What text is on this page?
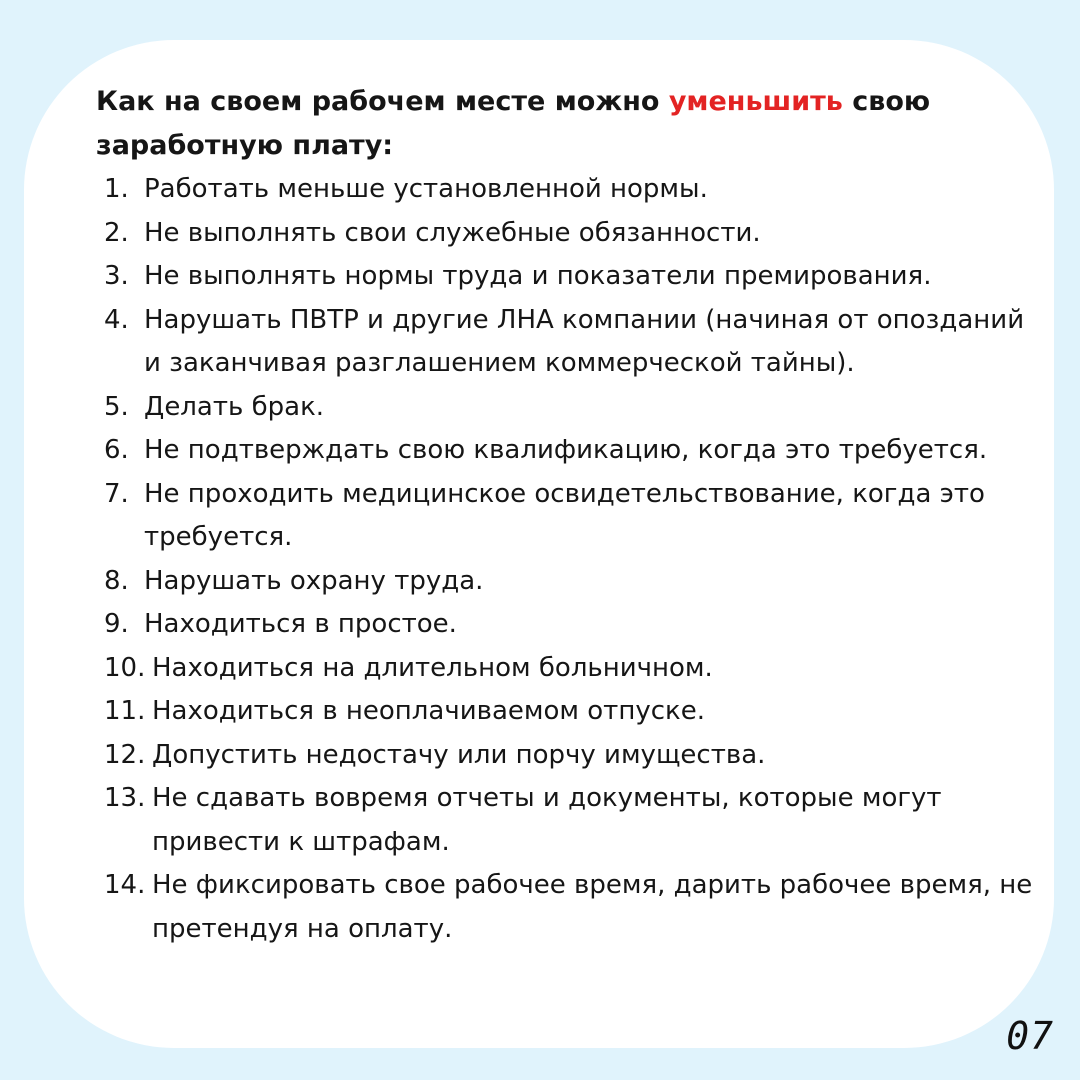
Как на своем рабочем месте можно уменьшить свою заработную плату:

1. Работать меньше установленной нормы.
2. Не выполнять свои служебные обязанности.
3. Не выполнять нормы труда и показатели премирования.
4. Нарушать ПВТР и другие ЛНА компании (начиная от опозданий и заканчивая разглашением коммерческой тайны).
5. Делать брак.
6. Не подтверждать свою квалификацию, когда это требуется.
7. Не проходить медицинское освидетельствование, когда это требуется.
8. Нарушать охрану труда.
9. Находиться в простое.
10. Находиться на длительном больничном.
11. Находиться в неоплачиваемом отпуске.
12. Допустить недостачу или порчу имущества.
13. Не сдавать вовремя отчеты и документы, которые могут привести к штрафам.
14. Не фиксировать свое рабочее время, дарить рабочее время, не претендуя на оплату.
07
